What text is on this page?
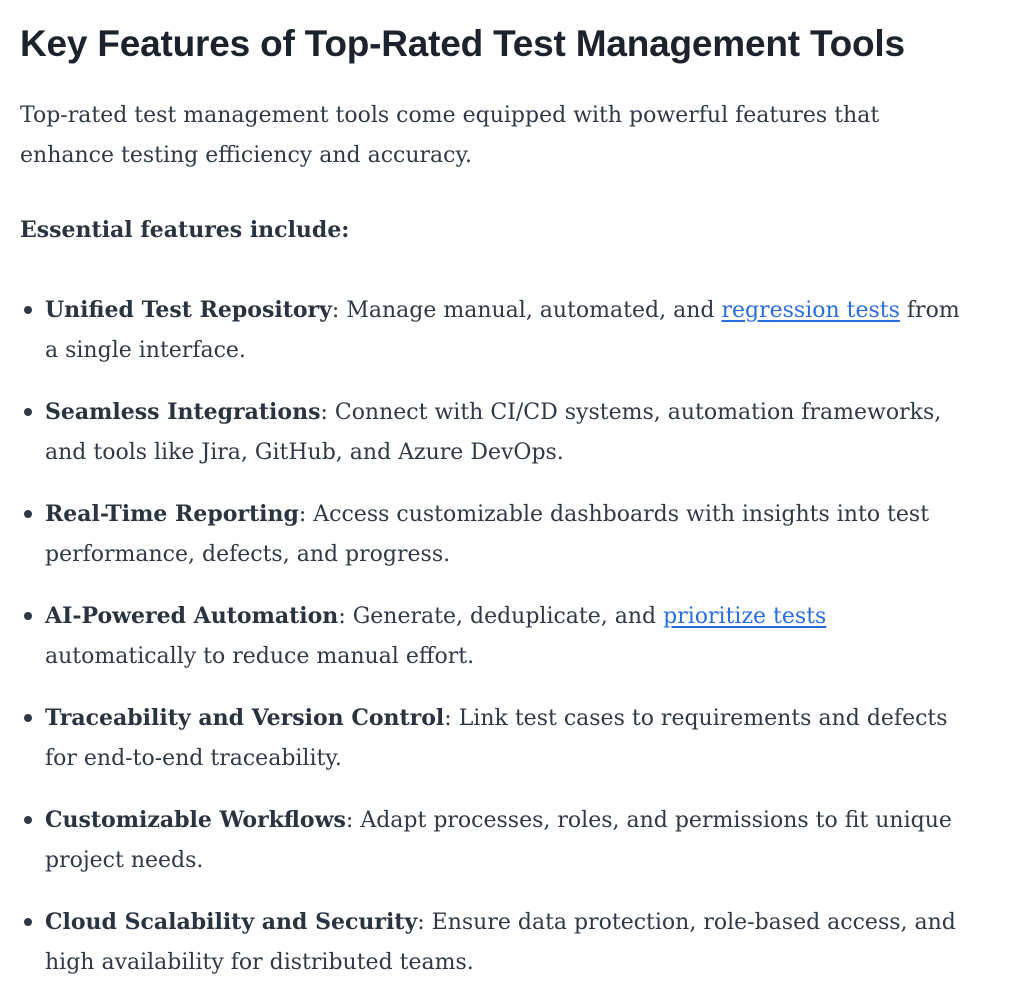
Key Features of Top-Rated Test Management Tools

Top-rated test management tools come equipped with powerful features that enhance testing efficiency and accuracy.

Essential features include:

Unified Test Repository: Manage manual, automated, and regression tests from a single interface.
Seamless Integrations: Connect with CI/CD systems, automation frameworks, and tools like Jira, GitHub, and Azure DevOps.
Real-Time Reporting: Access customizable dashboards with insights into test performance, defects, and progress.
AI-Powered Automation: Generate, deduplicate, and prioritize tests automatically to reduce manual effort.
Traceability and Version Control: Link test cases to requirements and defects for end-to-end traceability.
Customizable Workflows: Adapt processes, roles, and permissions to fit unique project needs.
Cloud Scalability and Security: Ensure data protection, role-based access, and high availability for distributed teams.
